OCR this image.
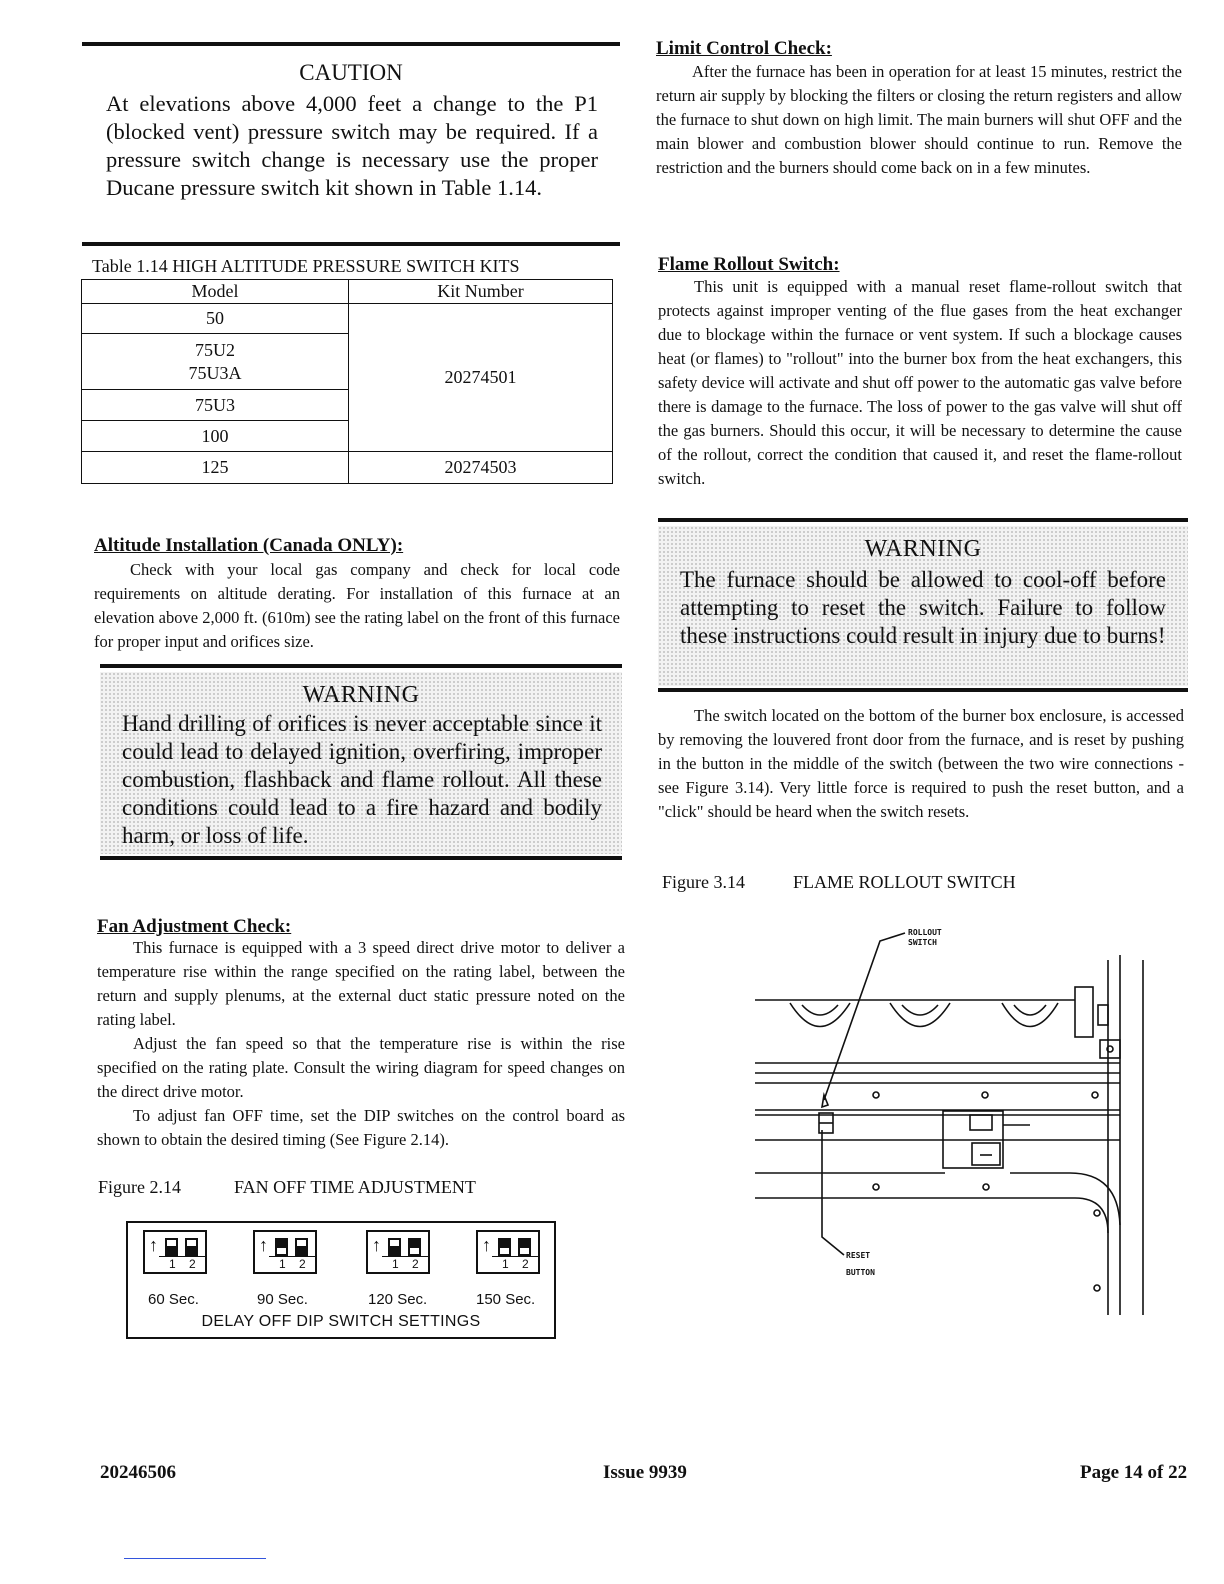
CAUTION
At elevations above 4,000 feet a change to the P1 (blocked vent) pressure switch may be required. If a pressure switch change is necessary use the proper Ducane pressure switch kit shown in Table 1.14.
Table 1.14 HIGH ALTITUDE PRESSURE SWITCH KITS
Model	Kit Number
50	20274501
75U2
75U3A	
75U3	
100	
125	20274503
Altitude Installation (Canada ONLY):

Check with your local gas company and check for local code requirements on altitude derating. For installation of this furnace at an elevation above 2,000 ft. (610m) see the rating label on the front of this furnace for proper input and orifices size.

WARNING
Hand drilling of orifices is never acceptable since it could lead to delayed ignition, overfiring, improper combustion, flashback and flame rollout. All these conditions could lead to a fire hazard and bodily harm, or loss of life.
Fan Adjustment Check:

This furnace is equipped with a 3 speed direct drive motor to deliver a temperature rise within the range specified on the rating label, between the return and supply plenums, at the external duct static pressure noted on the rating label.

Adjust the fan speed so that the temperature rise is within the rise specified on the rating plate. Consult the wiring diagram for speed changes on the direct drive motor.

To adjust fan OFF time, set the DIP switches on the control board as shown to obtain the desired timing (See Figure 2.14).

Figure 2.14	FAN OFF TIME ADJUSTMENT
↑
1 2
↑
1 2
↑
1 2
↑
1 2
60 Sec.	90 Sec.	120 Sec.	150 Sec.
DELAY OFF DIP SWITCH SETTINGS
Limit Control Check:

After the furnace has been in operation for at least 15 minutes, restrict the return air supply by blocking the filters or closing the return registers and allow the furnace to shut down on high limit. The main burners will shut OFF and the main blower and combustion blower should continue to run. Remove the restriction and the burners should come back on in a few minutes.

Flame Rollout Switch:

This unit is equipped with a manual reset flame-rollout switch that protects against improper venting of the flue gases from the heat exchanger due to blockage within the furnace or vent system. If such a blockage causes heat (or flames) to "rollout" into the burner box from the heat exchangers, this safety device will activate and shut off power to the automatic gas valve before there is damage to the furnace. The loss of power to the gas valve will shut off the gas burners. Should this occur, it will be necessary to determine the cause of the rollout, correct the condition that caused it, and reset the flame-rollout switch.

WARNING
The furnace should be allowed to cool-off before attempting to reset the switch. Failure to follow these instructions could result in injury due to burns!

The switch located on the bottom of the burner box enclosure, is accessed by removing the louvered front door from the furnace, and is reset by pushing in the button in the middle of the switch (between the two wire connections - see Figure 3.14). Very little force is required to push the reset button, and a "click" should be heard when the switch resets.

Figure 3.14	FLAME ROLLOUT SWITCH
ROLLOUT
SWITCH
RESET
BUTTON
20246506	Issue 9939	Page 14 of 22
